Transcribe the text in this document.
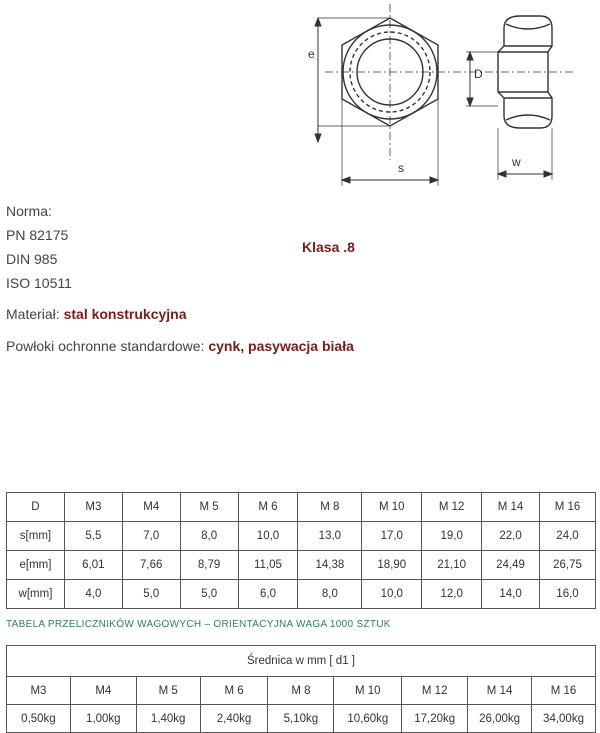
e
s
D
w
Norma:
PN 82175
DIN 985
ISO 10511
Klasa .8
Materiał: stal konstrukcyjna
Powłoki ochronne standardowe: cynk, pasywacja biała
D	M3	M4	M 5	M 6	M 8	M 10	M 12	M 14	M 16
s[mm]	5,5	7,0	8,0	10,0	13,0	17,0	19,0	22,0	24,0
e[mm]	6,01	7,66	8,79	11,05	14,38	18,90	21,10	24,49	26,75
w[mm]	4,0	5,0	5,0	6,0	8,0	10,0	12,0	14,0	16,0
TABELA PRZELICZNIKÓW WAGOWYCH – ORIENTACYJNA WAGA 1000 SZTUK
Średnica w mm [ d1 ]								
M3	M4	M 5	M 6	M 8	M 10	M 12	M 14	M 16
0,50kg	1,00kg	1,40kg	2,40kg	5,10kg	10,60kg	17,20kg	26,00kg	34,00kg
